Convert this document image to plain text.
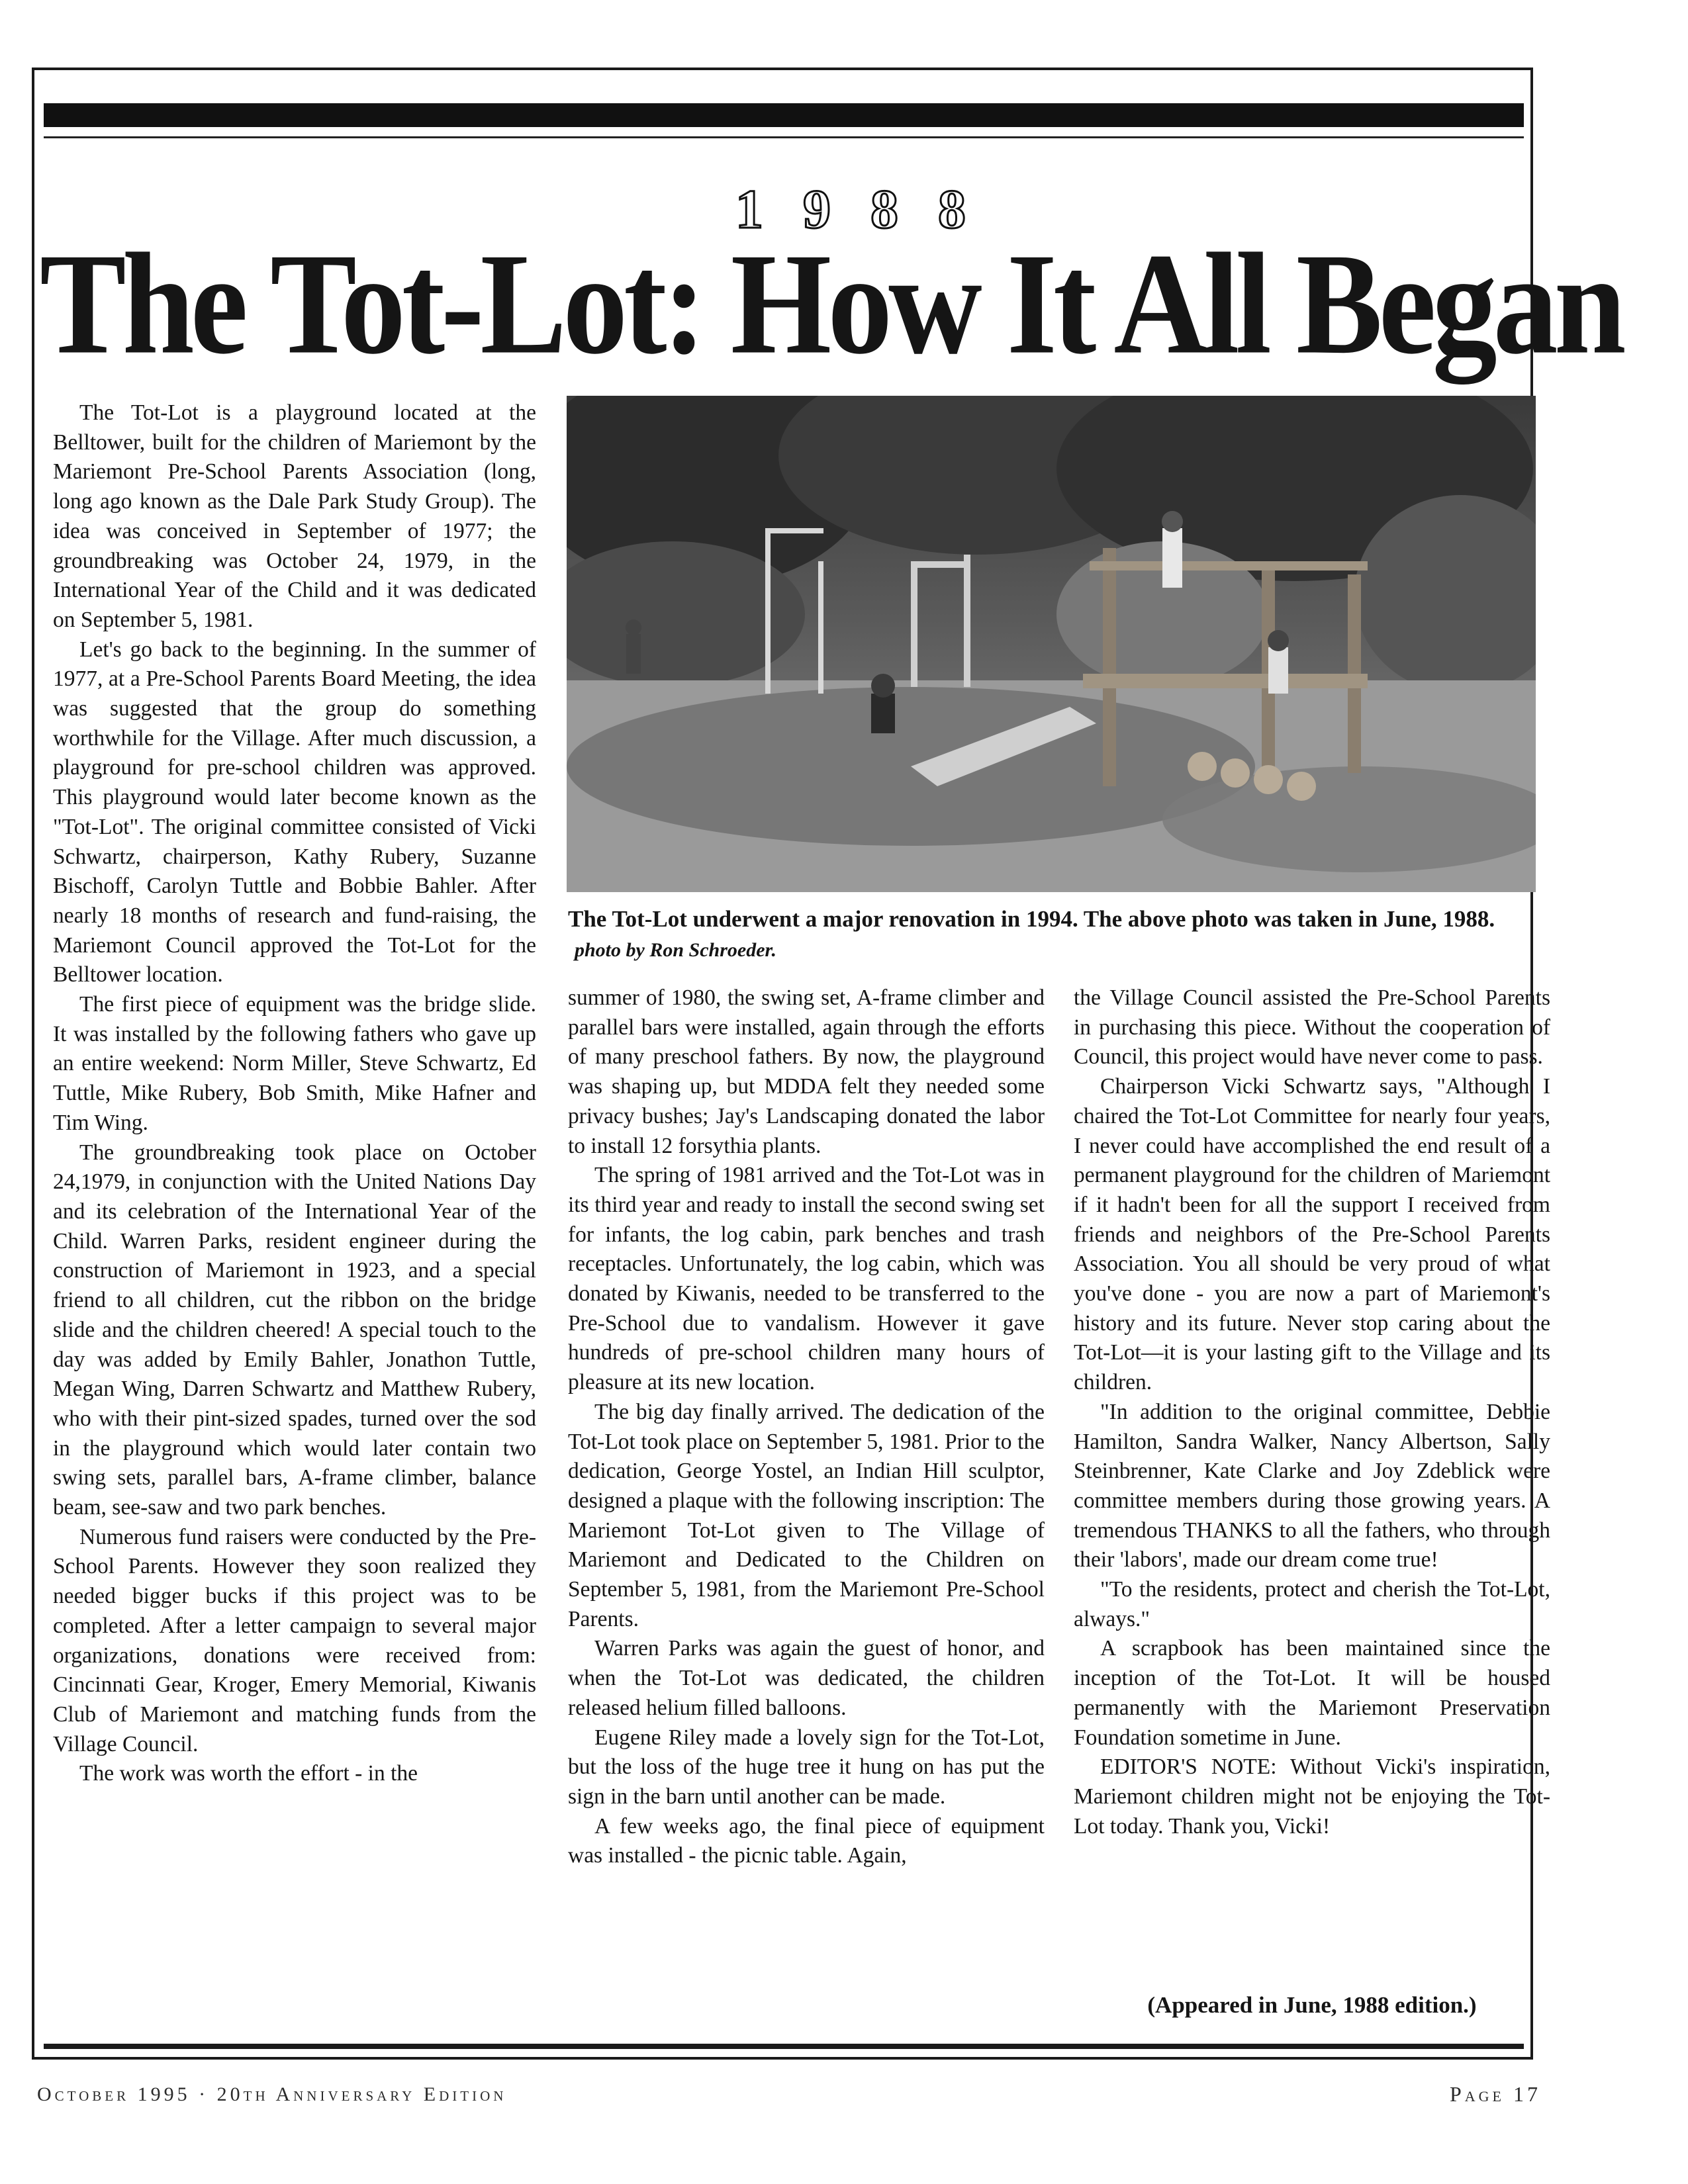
1988
The Tot-Lot: How It All Began

The Tot-Lot is a playground located at the Belltower, built for the children of Mariemont by the Mariemont Pre-School Parents Association (long, long ago known as the Dale Park Study Group). The idea was conceived in September of 1977; the groundbreaking was October 24, 1979, in the International Year of the Child and it was dedicated on September 5, 1981.

Let's go back to the beginning. In the summer of 1977, at a Pre-School Parents Board Meeting, the idea was suggested that the group do something worthwhile for the Village. After much discussion, a playground for pre-school children was approved. This playground would later become known as the "Tot-Lot". The original committee consisted of Vicki Schwartz, chairperson, Kathy Rubery, Suzanne Bischoff, Carolyn Tuttle and Bobbie Bahler. After nearly 18 months of research and fund-raising, the Mariemont Council approved the Tot-Lot for the Belltower location.

The first piece of equipment was the bridge slide. It was installed by the following fathers who gave up an entire weekend: Norm Miller, Steve Schwartz, Ed Tuttle, Mike Rubery, Bob Smith, Mike Hafner and Tim Wing.

The groundbreaking took place on October 24,1979, in conjunction with the United Nations Day and its celebration of the International Year of the Child. Warren Parks, resident engineer during the construction of Mariemont in 1923, and a special friend to all children, cut the ribbon on the bridge slide and the children cheered! A special touch to the day was added by Emily Bahler, Jonathon Tuttle, Megan Wing, Darren Schwartz and Matthew Rubery, who with their pint-sized spades, turned over the sod in the playground which would later contain two swing sets, parallel bars, A-frame climber, balance beam, see-saw and two park benches.

Numerous fund raisers were conducted by the Pre-School Parents. However they soon realized they needed bigger bucks if this project was to be completed. After a letter campaign to several major organizations, donations were received from: Cincinnati Gear, Kroger, Emery Memorial, Kiwanis Club of Mariemont and matching funds from the Village Council.

The work was worth the effort - in the

The Tot-Lot underwent a major renovation in 1994. The above photo was taken in June, 1988. photo by Ron Schroeder.

summer of 1980, the swing set, A-frame climber and parallel bars were installed, again through the efforts of many preschool fathers. By now, the playground was shaping up, but MDDA felt they needed some privacy bushes; Jay's Landscaping donated the labor to install 12 forsythia plants.

The spring of 1981 arrived and the Tot-Lot was in its third year and ready to install the second swing set for infants, the log cabin, park benches and trash receptacles. Unfortunately, the log cabin, which was donated by Kiwanis, needed to be transferred to the Pre-School due to vandalism. However it gave hundreds of pre-school children many hours of pleasure at its new location.

The big day finally arrived. The dedication of the Tot-Lot took place on September 5, 1981. Prior to the dedication, George Yostel, an Indian Hill sculptor, designed a plaque with the following inscription: The Mariemont Tot-Lot given to The Village of Mariemont and Dedicated to the Children on September 5, 1981, from the Mariemont Pre-School Parents.

Warren Parks was again the guest of honor, and when the Tot-Lot was dedicated, the children released helium filled balloons.

Eugene Riley made a lovely sign for the Tot-Lot, but the loss of the huge tree it hung on has put the sign in the barn until another can be made.

A few weeks ago, the final piece of equipment was installed - the picnic table. Again,

the Village Council assisted the Pre-School Parents in purchasing this piece. Without the cooperation of Council, this project would have never come to pass.

Chairperson Vicki Schwartz says, "Although I chaired the Tot-Lot Committee for nearly four years, I never could have accomplished the end result of a permanent playground for the children of Mariemont if it hadn't been for all the support I received from friends and neighbors of the Pre-School Parents Association. You all should be very proud of what you've done - you are now a part of Mariemont's history and its future. Never stop caring about the Tot-Lot—it is your lasting gift to the Village and its children.

"In addition to the original committee, Debbie Hamilton, Sandra Walker, Nancy Albertson, Sally Steinbrenner, Kate Clarke and Joy Zdeblick were committee members during those growing years. A tremendous THANKS to all the fathers, who through their 'labors', made our dream come true!

"To the residents, protect and cherish the Tot-Lot, always."

A scrapbook has been maintained since the inception of the Tot-Lot. It will be housed permanently with the Mariemont Preservation Foundation sometime in June.

EDITOR'S NOTE: Without Vicki's inspiration, Mariemont children might not be enjoying the Tot-Lot today. Thank you, Vicki!

(Appeared in June, 1988 edition.)
October 1995 · 20th Anniversary Edition	Page 17
